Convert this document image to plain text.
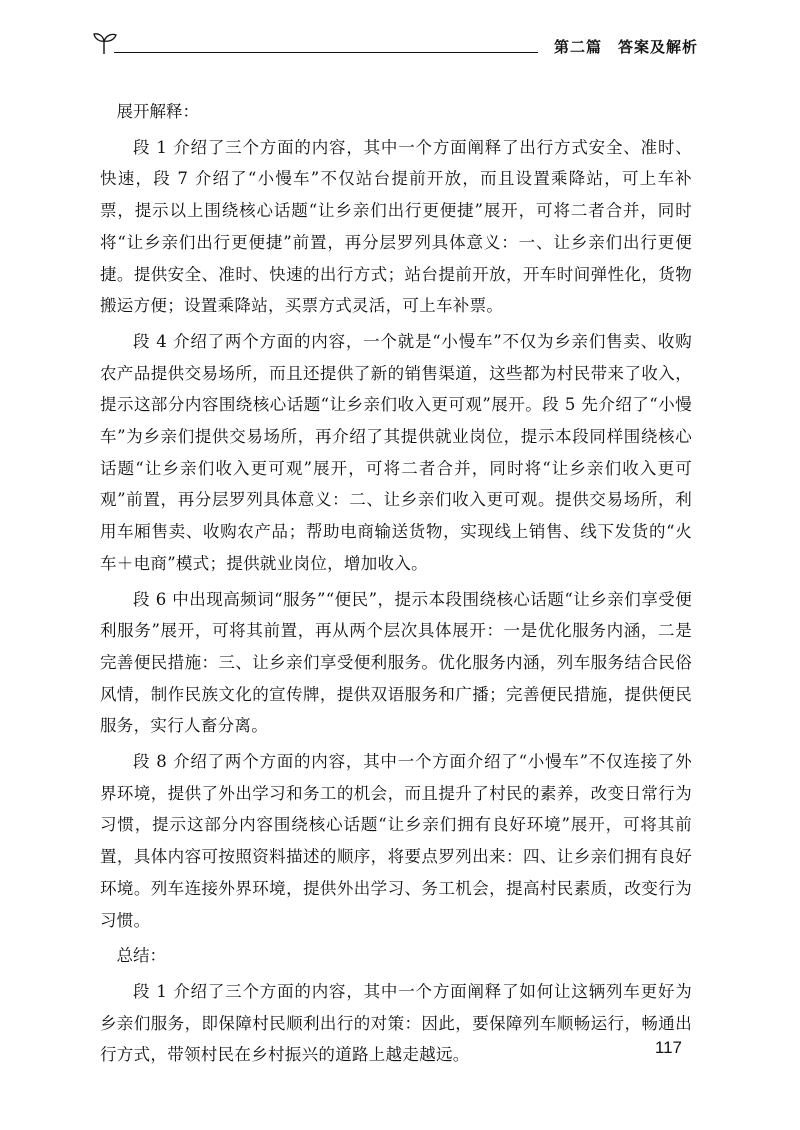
第二篇　答案及解析

展开解释：

段 1 介绍了三个方面的内容，其中一个方面阐释了出行方式安全、准时、快速，段 7 介绍了“小慢车”不仅站台提前开放，而且设置乘降站，可上车补票，提示以上围绕核心话题“让乡亲们出行更便捷”展开，可将二者合并，同时将“让乡亲们出行更便捷”前置，再分层罗列具体意义：一、让乡亲们出行更便捷。提供安全、准时、快速的出行方式；站台提前开放，开车时间弹性化，货物搬运方便；设置乘降站，买票方式灵活，可上车补票。

段 4 介绍了两个方面的内容，一个就是“小慢车”不仅为乡亲们售卖、收购农产品提供交易场所，而且还提供了新的销售渠道，这些都为村民带来了收入，提示这部分内容围绕核心话题“让乡亲们收入更可观”展开。段 5 先介绍了“小慢车”为乡亲们提供交易场所，再介绍了其提供就业岗位，提示本段同样围绕核心话题“让乡亲们收入更可观”展开，可将二者合并，同时将“让乡亲们收入更可观”前置，再分层罗列具体意义：二、让乡亲们收入更可观。提供交易场所，利用车厢售卖、收购农产品；帮助电商输送货物，实现线上销售、线下发货的“火车＋电商”模式；提供就业岗位，增加收入。

段 6 中出现高频词“服务”“便民”，提示本段围绕核心话题“让乡亲们享受便利服务”展开，可将其前置，再从两个层次具体展开：一是优化服务内涵，二是完善便民措施：三、让乡亲们享受便利服务。优化服务内涵，列车服务结合民俗风情，制作民族文化的宣传牌，提供双语服务和广播；完善便民措施，提供便民服务，实行人畜分离。

段 8 介绍了两个方面的内容，其中一个方面介绍了“小慢车”不仅连接了外界环境，提供了外出学习和务工的机会，而且提升了村民的素养，改变日常行为习惯，提示这部分内容围绕核心话题“让乡亲们拥有良好环境”展开，可将其前置，具体内容可按照资料描述的顺序，将要点罗列出来：四、让乡亲们拥有良好环境。列车连接外界环境，提供外出学习、务工机会，提高村民素质，改变行为习惯。

总结：

段 1 介绍了三个方面的内容，其中一个方面阐释了如何让这辆列车更好为乡亲们服务，即保障村民顺利出行的对策：因此，要保障列车顺畅运行，畅通出行方式，带领村民在乡村振兴的道路上越走越远。	117
